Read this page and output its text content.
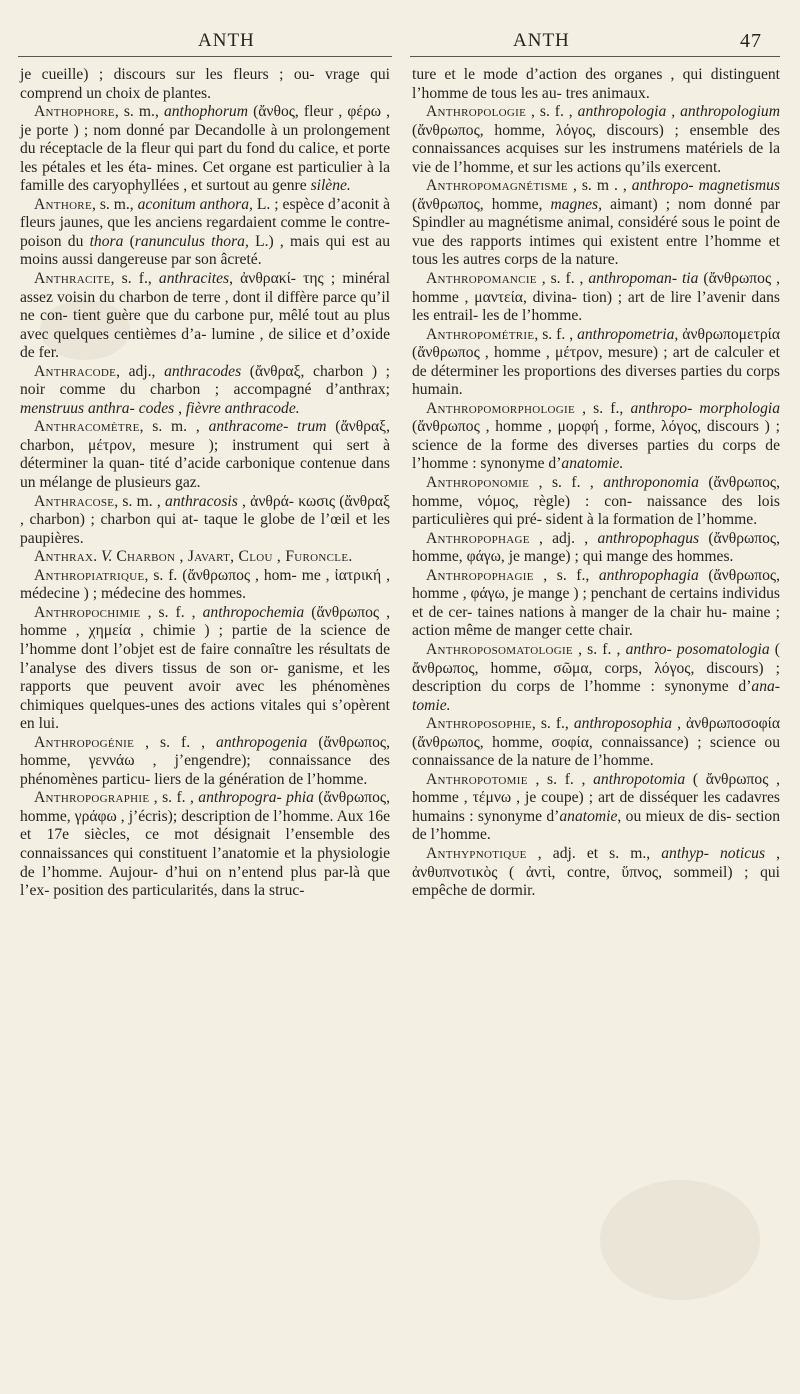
ANTH	ANTH	47

je cueille) ; discours sur les fleurs ; ou- vrage qui comprend un choix de plantes.

Anthophore, s. m., anthophorum (ἄνθος, fleur , φέρω , je porte ) ; nom donné par Decandolle à un prolongement du réceptacle de la fleur qui part du fond du calice, et porte les pétales et les éta- mines. Cet organe est particulier à la famille des caryophyllées , et surtout au genre silène.

Anthore, s. m., aconitum anthora, L. ; espèce d’aconit à fleurs jaunes, que les anciens regardaient comme le contre- poison du thora (ranunculus thora, L.) , mais qui est au moins aussi dangereuse par son âcreté.

Anthracite, s. f., anthracites, ἀνθρακί- της ; minéral assez voisin du charbon de terre , dont il diffère parce qu’il ne con- tient guère que du carbone pur, mêlé tout au plus avec quelques centièmes d’a- lumine , de silice et d’oxide de fer.

Anthracode, adj., anthracodes (ἄνθραξ, charbon ) ; noir comme du charbon ; accompagné d’anthrax; menstruus anthra- codes , fièvre anthracode.

Anthracomètre, s. m. , anthracome- trum (ἄνθραξ, charbon, μέτρον, mesure ); instrument qui sert à déterminer la quan- tité d’acide carbonique contenue dans un mélange de plusieurs gaz.

Anthracose, s. m. , anthracosis , ἀνθρά- κωσις (ἄνθραξ , charbon) ; charbon qui at- taque le globe de l’œil et les paupières.

Anthrax. V. Charbon , Javart, Clou , Furoncle.

Anthropiatrique, s. f. (ἄνθρωπος , hom- me , ἰατρική , médecine ) ; médecine des hommes.

Anthropochimie , s. f. , anthropochemia (ἄνθρωπος , homme , χημεία , chimie ) ; partie de la science de l’homme dont l’objet est de faire connaître les résultats de l’analyse des divers tissus de son or- ganisme, et les rapports que peuvent avoir avec les phénomènes chimiques quelques-unes des actions vitales qui s’opèrent en lui.

Anthropogénie , s. f. , anthropogenia (ἄνθρωπος, homme, γεννάω , j’engendre); connaissance des phénomènes particu- liers de la génération de l’homme.

Anthropographie , s. f. , anthropogra- phia (ἄνθρωπος, homme, γράφω , j’écris); description de l’homme. Aux 16e et 17e siècles, ce mot désignait l’ensemble des connaissances qui constituent l’anatomie et la physiologie de l’homme. Aujour- d’hui on n’entend plus par-là que l’ex- position des particularités, dans la struc-

ture et le mode d’action des organes , qui distinguent l’homme de tous les au- tres animaux.

Anthropologie , s. f. , anthropologia , anthropologium (ἄνθρωπος, homme, λόγος, discours) ; ensemble des connaissances acquises sur les instrumens matériels de la vie de l’homme, et sur les actions qu’ils exercent.

Anthropomagnétisme , s. m . , anthropo- magnetismus (ἄνθρωπος, homme, magnes, aimant) ; nom donné par Spindler au magnétisme animal, considéré sous le point de vue des rapports intimes qui existent entre l’homme et tous les autres corps de la nature.

Anthropomancie , s. f. , anthropoman- tia (ἄνθρωπος , homme , μαντεία, divina- tion) ; art de lire l’avenir dans les entrail- les de l’homme.

Anthropométrie, s. f. , anthropometria, ἀνθρωπομετρία (ἄνθρωπος , homme , μέτρον, mesure) ; art de calculer et de déterminer les proportions des diverses parties du corps humain.

Anthropomorphologie , s. f., anthropo- morphologia (ἄνθρωπος , homme , μορφή , forme, λόγος, discours ) ; science de la forme des diverses parties du corps de l’homme : synonyme d’anatomie.

Anthroponomie , s. f. , anthroponomia (ἄνθρωπος, homme, νόμος, règle) : con- naissance des lois particulières qui pré- sident à la formation de l’homme.

Anthropophage , adj. , anthropophagus (ἄνθρωπος, homme, φάγω, je mange) ; qui mange des hommes.

Anthropophagie , s. f., anthropophagia (ἄνθρωπος, homme , φάγω, je mange ) ; penchant de certains individus et de cer- taines nations à manger de la chair hu- maine ; action même de manger cette chair.

Anthroposomatologie , s. f. , anthro- posomatologia ( ἄνθρωπος, homme, σῶμα, corps, λόγος, discours) ; description du corps de l’homme : synonyme d’ana- tomie.

Anthroposophie, s. f., anthroposophia , ἀνθρωποσοφία (ἄνθρωπος, homme, σοφία, connaissance) ; science ou connaissance de la nature de l’homme.

Anthropotomie , s. f. , anthropotomia ( ἄνθρωπος , homme , τέμνω , je coupe) ; art de disséquer les cadavres humains : synonyme d’anatomie, ou mieux de dis- section de l’homme.

Anthypnotique , adj. et s. m., anthyp- noticus , ἀνθυπνοτικὸς ( ἀντὶ, contre, ὕπνος, sommeil) ; qui empêche de dormir.
